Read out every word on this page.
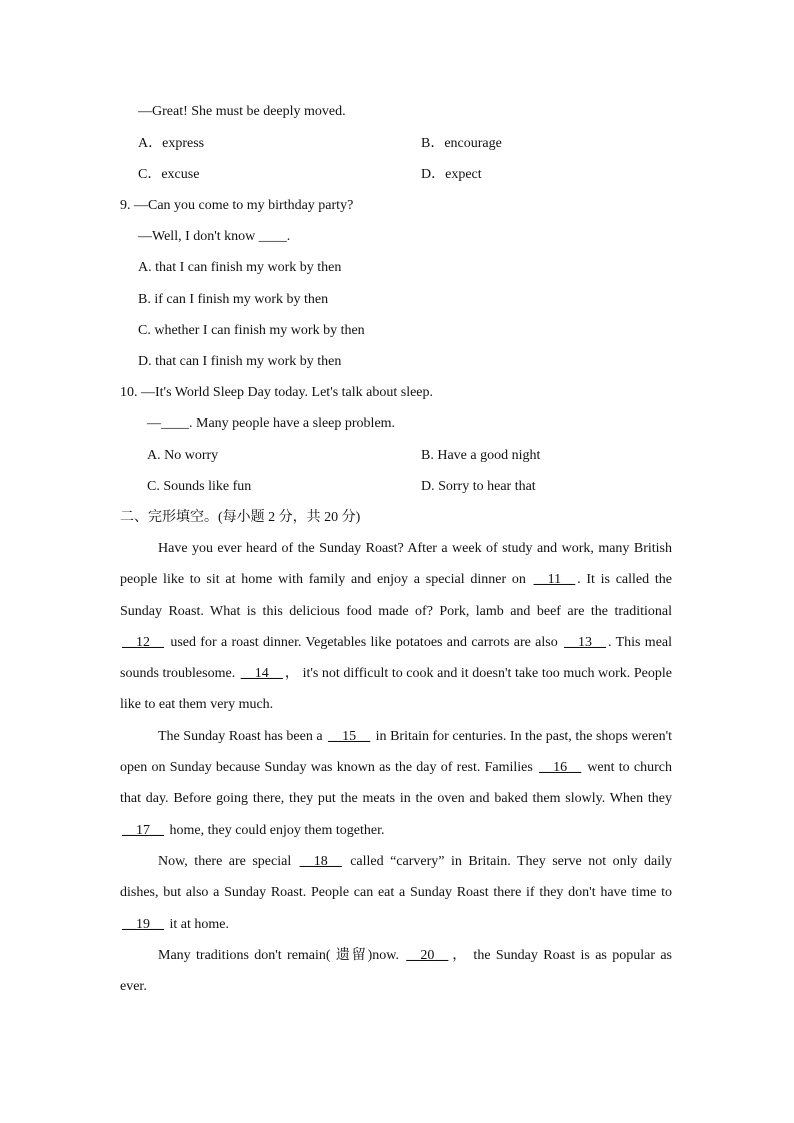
—Great! She must be deeply moved.
A．express	B．encourage
C．excuse	D．expect
9. —Can you come to my birthday party?
—Well, I don't know ____.
A. that I can finish my work by then
B. if can I finish my work by then
C. whether I can finish my work by then
D. that can I finish my work by then
10. —It's World Sleep Day today. Let's talk about sleep.
—____. Many people have a sleep problem.
A. No worry	B. Have a good night
C. Sounds like fun	D. Sorry to hear that
二、完形填空。(每小题 2 分，共 20 分)

Have you ever heard of the Sunday Roast? After a week of study and work, many British people like to sit at home with family and enjoy a special dinner on __11__ . It is called the Sunday Roast. What is this delicious food made of? Pork, lamb and beef are the traditional __12__ used for a roast dinner. Vegetables like potatoes and carrots are also __13__ . This meal sounds troublesome. __14__ ， it's not difficult to cook and it doesn't take too much work. People like to eat them very much.

The Sunday Roast has been a __15__ in Britain for centuries. In the past, the shops weren't open on Sunday because Sunday was known as the day of rest. Families __16__ went to church that day. Before going there, they put the meats in the oven and baked them slowly. When they __17__ home, they could enjoy them together.

Now, there are special __18__ called “carvery” in Britain. They serve not only daily dishes, but also a Sunday Roast. People can eat a Sunday Roast there if they don't have time to __19__ it at home.

Many traditions don't remain( 遗留)now. __20__ ， the Sunday Roast is as popular as ever.
